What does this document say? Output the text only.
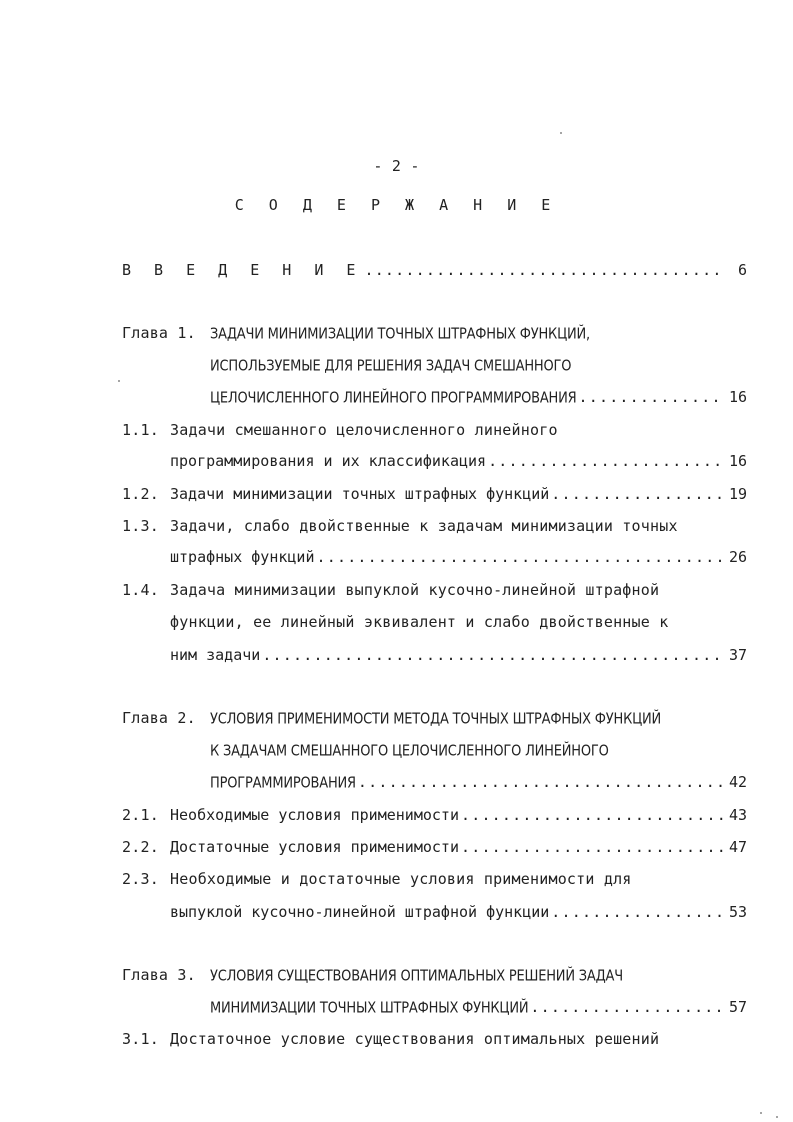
- 2 -
С О Д Е Р Ж А Н И Е
В В Е Д Е Н И Е .....	6
Глава 1. ЗАДАЧИ МИНИМИЗАЦИИ ТОЧНЫХ ШТРАФНЫХ ФУНКЦИЙ,
ИСПОЛЬЗУЕМЫЕ ДЛЯ РЕШЕНИЯ ЗАДАЧ СМЕШАННОГО
ЦЕЛОЧИСЛЕННОГО ЛИНЕЙНОГО ПРОГРАММИРОВАНИЯ .....	16
1.1. Задачи смешанного целочисленного линейного
программирования и их классификация .....	16
1.2. Задачи минимизации точных штрафных функций .....	19
1.3. Задачи, слабо двойственные к задачам минимизации точных
штрафных функций .....	26
1.4. Задача минимизации выпуклой кусочно-линейной штрафной
функции, ее линейный эквивалент и слабо двойственные к
ним задачи .....	37
Глава 2. УСЛОВИЯ ПРИМЕНИМОСТИ МЕТОДА ТОЧНЫХ ШТРАФНЫХ ФУНКЦИЙ
К ЗАДАЧАМ СМЕШАННОГО ЦЕЛОЧИСЛЕННОГО ЛИНЕЙНОГО
ПРОГРАММИРОВАНИЯ .....	42
2.1. Необходимые условия применимости .....	43
2.2. Достаточные условия применимости .....	47
2.3. Необходимые и достаточные условия применимости для
выпуклой кусочно-линейной штрафной функции .....	53
Глава 3. УСЛОВИЯ СУЩЕСТВОВАНИЯ ОПТИМАЛЬНЫХ РЕШЕНИЙ ЗАДАЧ
МИНИМИЗАЦИИ ТОЧНЫХ ШТРАФНЫХ ФУНКЦИЙ .....	57
3.1. Достаточное условие существования оптимальных решений
